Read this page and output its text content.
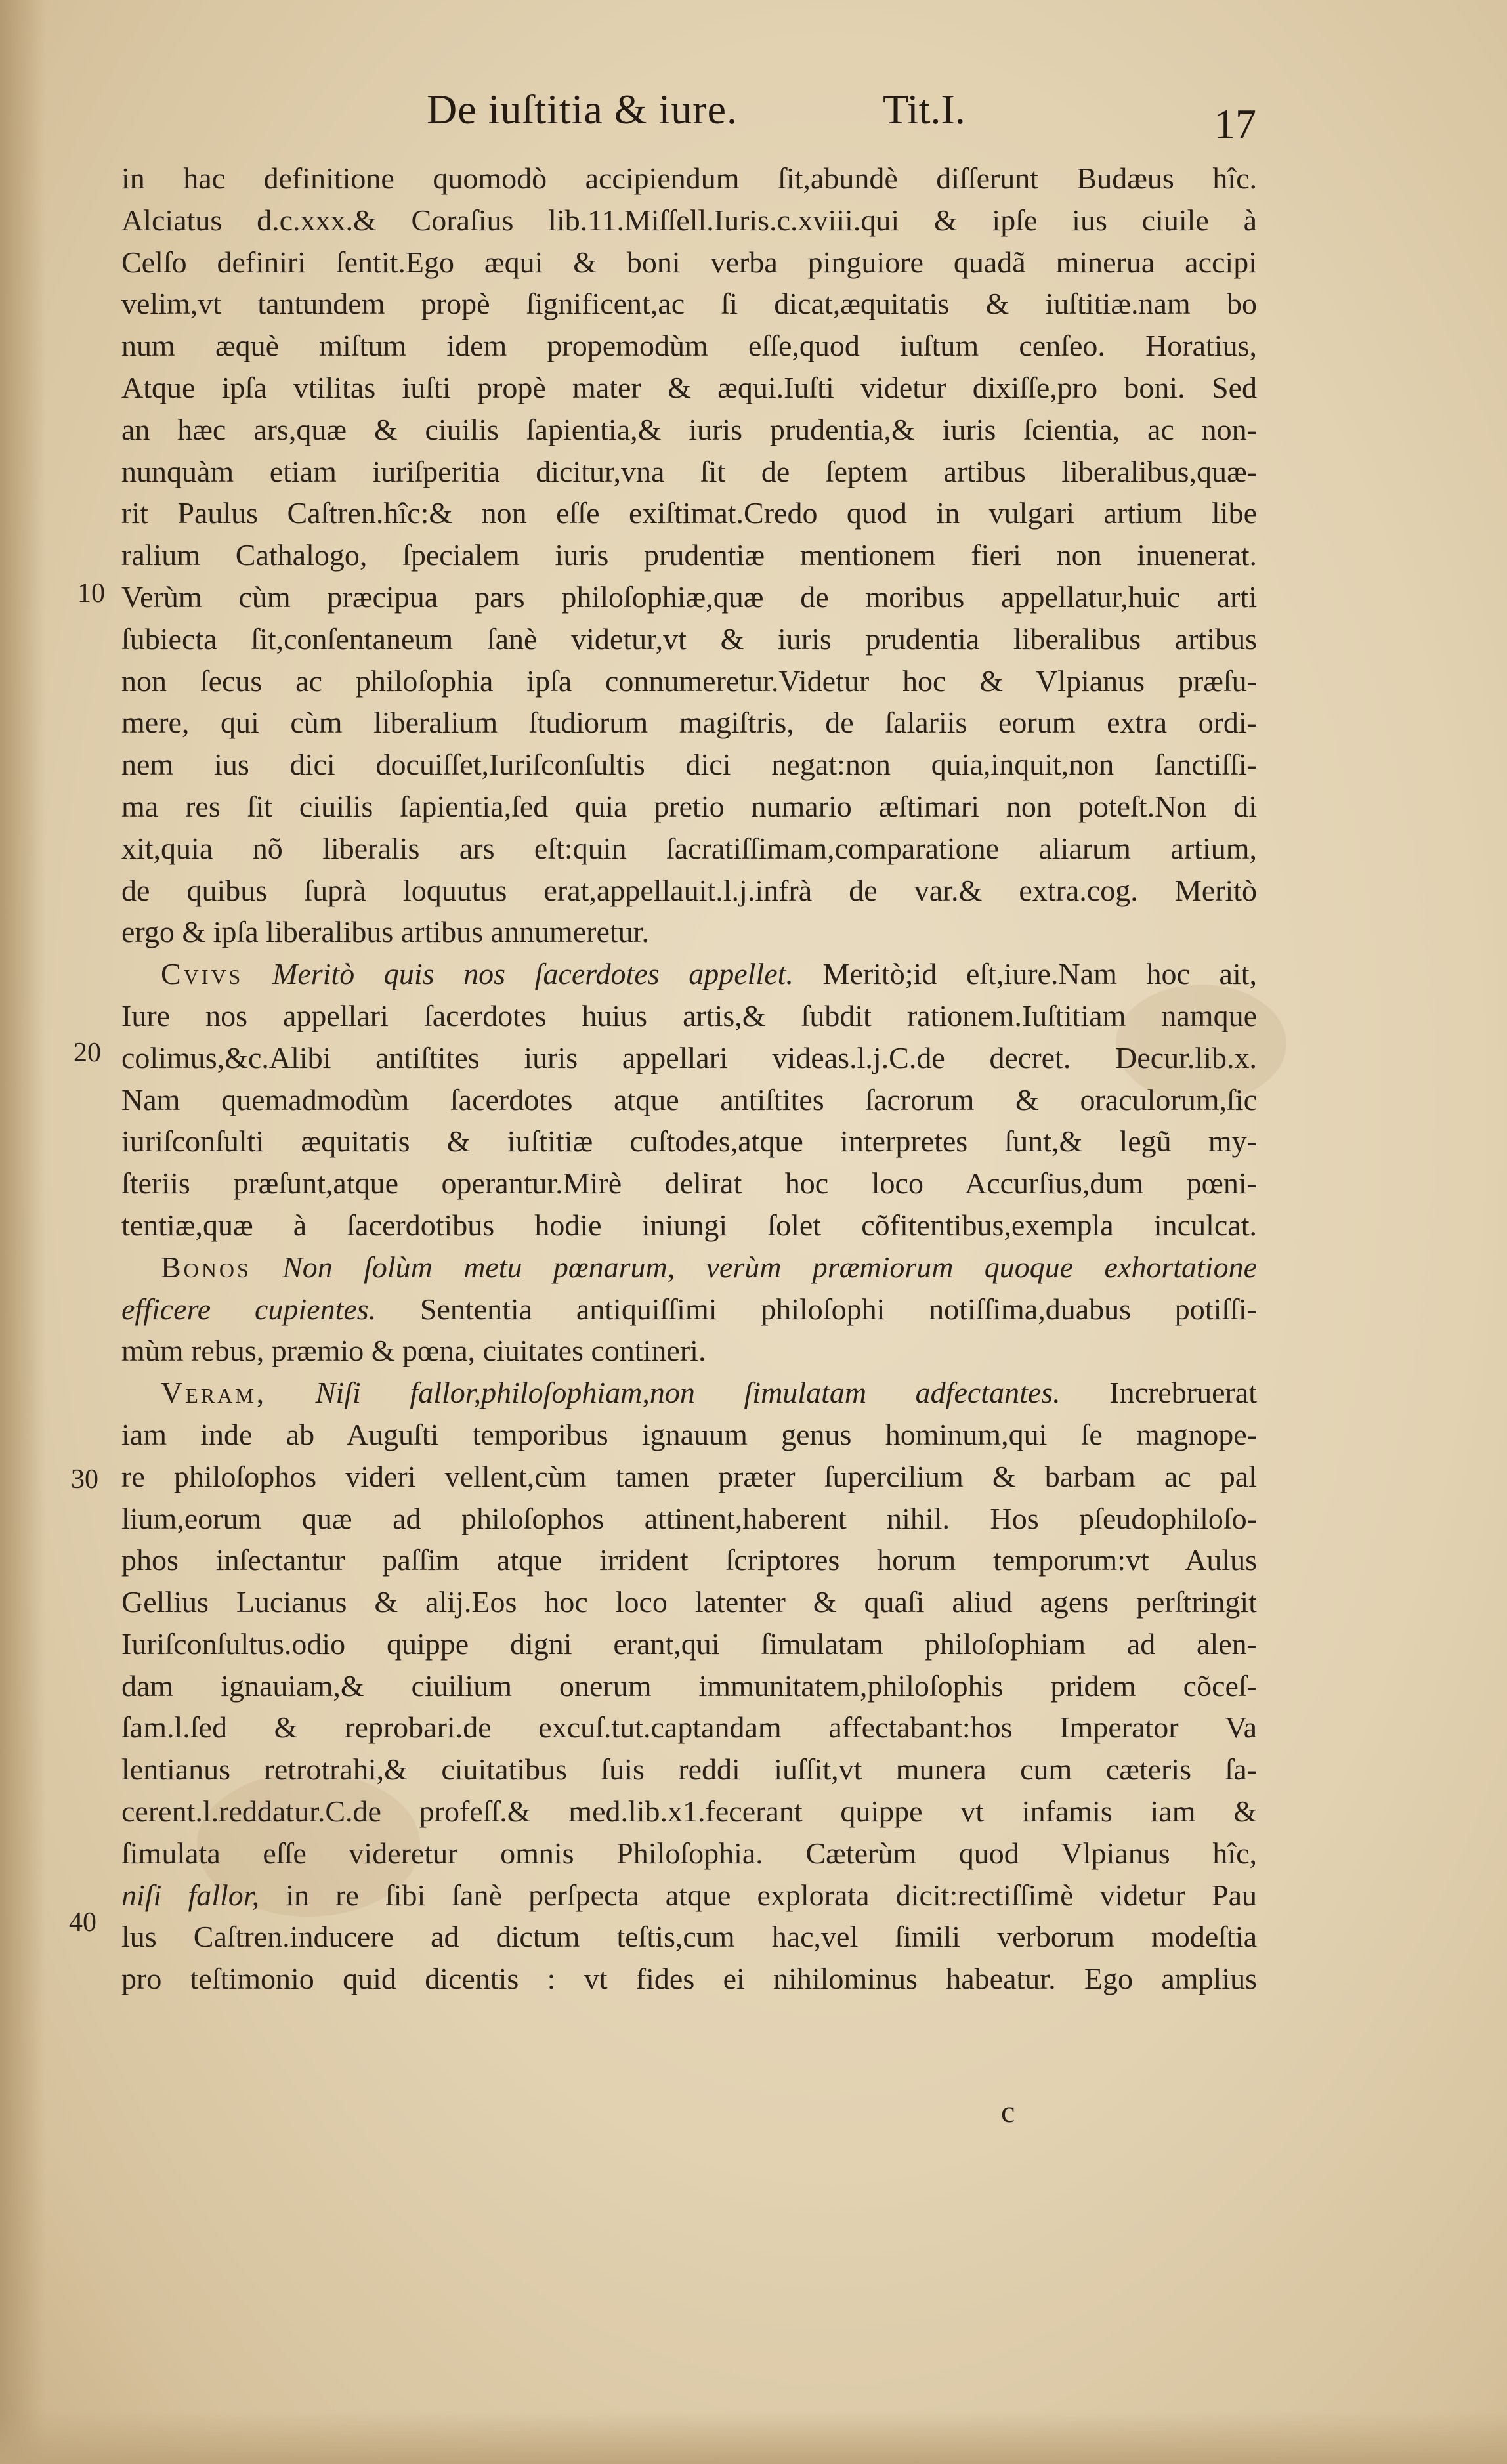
De iuſtitia & iure.	Tit.I.	17
10
20
30
40
in hac definitione quomodò accipiendum ſit,abundè diſſerunt Budæus hîc.
Alciatus d.c.xxx.& Coraſius lib.11.Miſſell.Iuris.c.xviii.qui & ipſe ius ciuile à
Celſo definiri ſentit.Ego æqui & boni verba pinguiore quadã minerua accipi
velim,vt tantundem propè ſignificent,ac ſi dicat,æquitatis & iuſtitiæ.nam bo
num æquè miſtum idem propemodùm eſſe,quod iuſtum cenſeo. Horatius,
Atque ipſa vtilitas iuſti propè mater & æqui.Iuſti videtur dixiſſe,pro boni. Sed
an hæc ars,quæ & ciuilis ſapientia,& iuris prudentia,& iuris ſcientia, ac non-
nunquàm etiam iuriſperitia dicitur,vna ſit de ſeptem artibus liberalibus,quæ-
rit Paulus Caſtren.hîc:& non eſſe exiſtimat.Credo quod in vulgari artium libe
ralium Cathalogo, ſpecialem iuris prudentiæ mentionem fieri non inuenerat.
Verùm cùm præcipua pars philoſophiæ,quæ de moribus appellatur,huic arti
ſubiecta ſit,conſentaneum ſanè videtur,vt & iuris prudentia liberalibus artibus
non ſecus ac philoſophia ipſa connumeretur.Videtur hoc & Vlpianus præſu-
mere, qui cùm liberalium ſtudiorum magiſtris, de ſalariis eorum extra ordi-
nem ius dici docuiſſet,Iuriſconſultis dici negat:non quia,inquit,non ſanctiſſi-
ma res ſit ciuilis ſapientia,ſed quia pretio numario æſtimari non poteſt.Non di
xit,quia nõ liberalis ars eſt:quin ſacratiſſimam,comparatione aliarum artium,
de quibus ſuprà loquutus erat,appellauit.l.j.infrà de var.& extra.cog. Meritò
ergo & ipſa liberalibus artibus annumeretur.
Cvivs Meritò quis nos ſacerdotes appellet. Meritò;id eſt,iure.Nam hoc ait,
Iure nos appellari ſacerdotes huius artis,& ſubdit rationem.Iuſtitiam namque
colimus,&c.Alibi antiſtites iuris appellari videas.l.j.C.de decret. Decur.lib.x.
Nam quemadmodùm ſacerdotes atque antiſtites ſacrorum & oraculorum,ſic
iuriſconſulti æquitatis & iuſtitiæ cuſtodes,atque interpretes ſunt,& legũ my-
ſteriis præſunt,atque operantur.Mirè delirat hoc loco Accurſius,dum pœni-
tentiæ,quæ à ſacerdotibus hodie iniungi ſolet cõfitentibus,exempla inculcat.
Bonos Non ſolùm metu pœnarum, verùm præmiorum quoque exhortatione
efficere cupientes. Sententia antiquiſſimi philoſophi notiſſima,duabus potiſſi-
mùm rebus, præmio & pœna, ciuitates contineri.
Veram, Niſi fallor,philoſophiam,non ſimulatam adfectantes. Increbruerat
iam inde ab Auguſti temporibus ignauum genus hominum,qui ſe magnope-
re philoſophos videri vellent,cùm tamen præter ſupercilium & barbam ac pal
lium,eorum quæ ad philoſophos attinent,haberent nihil. Hos pſeudophiloſo-
phos inſectantur paſſim atque irrident ſcriptores horum temporum:vt Aulus
Gellius Lucianus & alij.Eos hoc loco latenter & quaſi aliud agens perſtringit
Iuriſconſultus.odio quippe digni erant,qui ſimulatam philoſophiam ad alen-
dam ignauiam,& ciuilium onerum immunitatem,philoſophis pridem cõceſ-
ſam.l.ſed & reprobari.de excuſ.tut.captandam affectabant:hos Imperator Va
lentianus retrotrahi,& ciuitatibus ſuis reddi iuſſit,vt munera cum cæteris ſa-
cerent.l.reddatur.C.de profeſſ.& med.lib.x1.fecerant quippe vt infamis iam &
ſimulata eſſe videretur omnis Philoſophia. Cæterùm quod Vlpianus hîc,
niſi fallor, in re ſibi ſanè perſpecta atque explorata dicit:rectiſſimè videtur Pau
lus Caſtren.inducere ad dictum teſtis,cum hac,vel ſimili verborum modeſtia
pro teſtimonio quid dicentis : vt fides ei nihilominus habeatur. Ego amplius
c
